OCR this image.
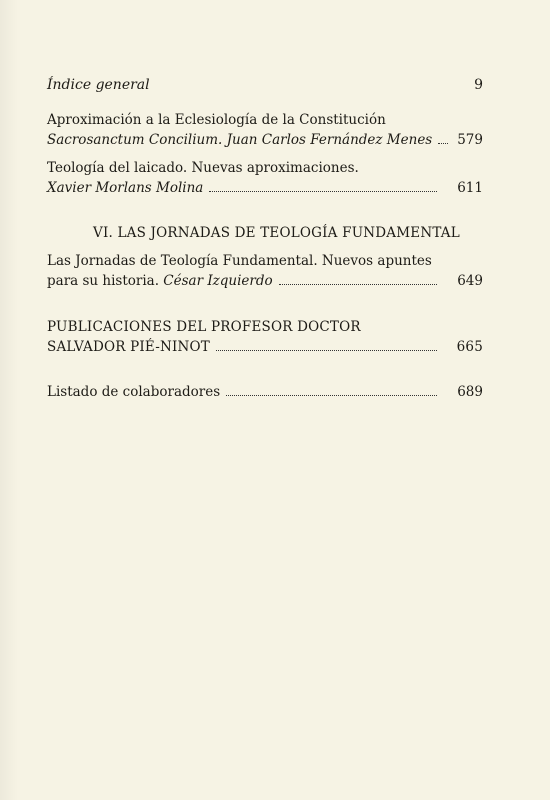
Índice general	9
Aproximación a la Eclesiología de la Constitución
Sacrosanctum Concilium. Juan Carlos Fernández Menes 579
Teología del laicado. Nuevas aproximaciones.
Xavier Morlans Molina	611
VI. LAS JORNADAS DE TEOLOGÍA FUNDAMENTAL
Las Jornadas de Teología Fundamental. Nuevos apuntes
para su historia. César Izquierdo	649
PUBLICACIONES DEL PROFESOR DOCTOR
SALVADOR PIÉ-NINOT	665
Listado de colaboradores	689
